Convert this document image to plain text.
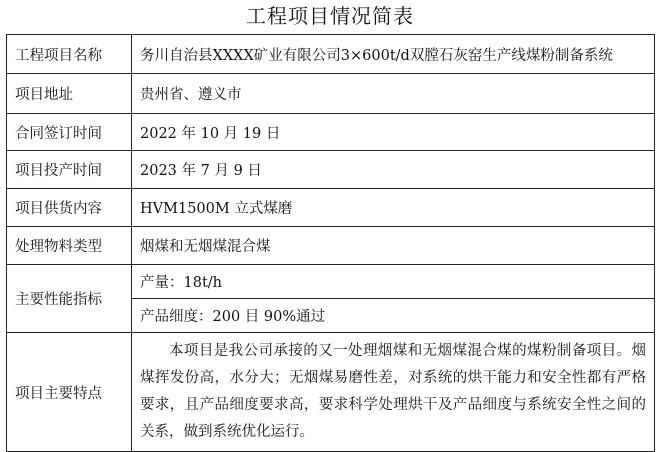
工程项目情况简表
工程项目名称	务川自治县XXXX矿业有限公司3×600t/d双膛石灰窑生产线煤粉制备系统
项目地址	贵州省、遵义市
合同签订时间	2022 年 10 月 19 日
项目投产时间	2023 年 7 月 9 日
项目供货内容	HVM1500M 立式煤磨
处理物料类型	烟煤和无烟煤混合煤
主要性能指标	产量：18t/h
	产品细度：200 目 90%通过
项目主要特点	本项目是我公司承接的又一处理烟煤和无烟煤混合煤的煤粉制备项目。烟煤挥发份高，水分大；无烟煤易磨性差，对系统的烘干能力和安全性都有严格要求，且产品细度要求高，要求科学处理烘干及产品细度与系统安全性之间的关系，做到系统优化运行。
